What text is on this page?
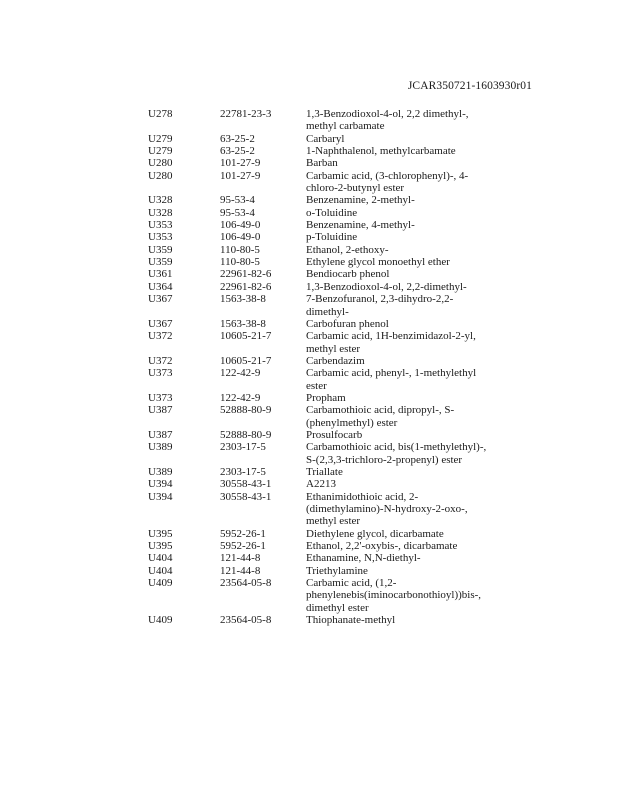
JCAR350721-1603930r01
U278	22781-23-3	1,3-Benzodioxol-4-ol, 2,2 dimethyl-,
methyl carbamate
U279	63-25-2	Carbaryl
U279	63-25-2	1-Naphthalenol, methylcarbamate
U280	101-27-9	Barban
U280	101-27-9	Carbamic acid, (3-chlorophenyl)-, 4-
chloro-2-butynyl ester
U328	95-53-4	Benzenamine, 2-methyl-
U328	95-53-4	o-Toluidine
U353	106-49-0	Benzenamine, 4-methyl-
U353	106-49-0	p-Toluidine
U359	110-80-5	Ethanol, 2-ethoxy-
U359	110-80-5	Ethylene glycol monoethyl ether
U361	22961-82-6	Bendiocarb phenol
U364	22961-82-6	1,3-Benzodioxol-4-ol, 2,2-dimethyl-
U367	1563-38-8	7-Benzofuranol, 2,3-dihydro-2,2-
dimethyl-
U367	1563-38-8	Carbofuran phenol
U372	10605-21-7	Carbamic acid, 1H-benzimidazol-2-yl,
methyl ester
U372	10605-21-7	Carbendazim
U373	122-42-9	Carbamic acid, phenyl-, 1-methylethyl
ester
U373	122-42-9	Propham
U387	52888-80-9	Carbamothioic acid, dipropyl-, S-
(phenylmethyl) ester
U387	52888-80-9	Prosulfocarb
U389	2303-17-5	Carbamothioic acid, bis(1-methylethyl)-,
S-(2,3,3-trichloro-2-propenyl) ester
U389	2303-17-5	Triallate
U394	30558-43-1	A2213
U394	30558-43-1	Ethanimidothioic acid, 2-
(dimethylamino)-N-hydroxy-2-oxo-,
methyl ester
U395	5952-26-1	Diethylene glycol, dicarbamate
U395	5952-26-1	Ethanol, 2,2'-oxybis-, dicarbamate
U404	121-44-8	Ethanamine, N,N-diethyl-
U404	121-44-8	Triethylamine
U409	23564-05-8	Carbamic acid, (1,2-
phenylenebis(iminocarbonothioyl))bis-,
dimethyl ester
U409	23564-05-8	Thiophanate-methyl
